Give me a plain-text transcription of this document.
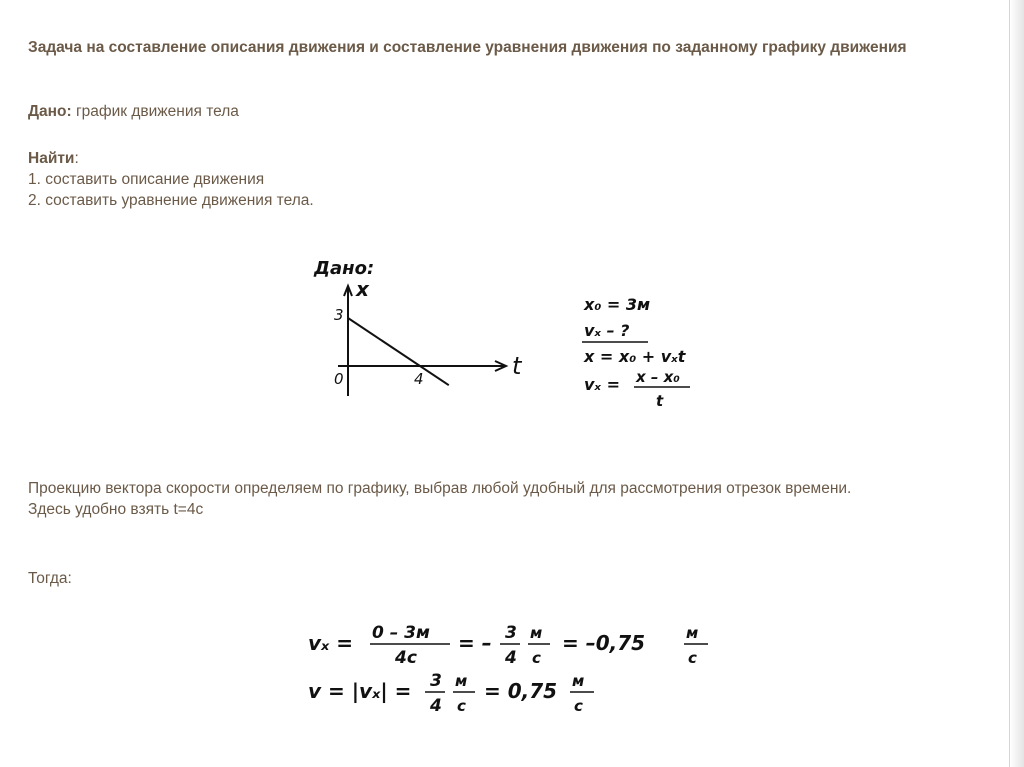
Задача на составление описания движения и составление уравнения движения по заданному графику движения
Дано: график движения тела
Найти:
1. составить описание движения
2. составить уравнение движения тела.
Дано:
x
t
3
0	4
x₀ = 3м
vₓ – ?
x = x₀ + vₓt
vₓ = x – x₀
t
Проекцию вектора скорости определяем по графику, выбрав любой удобный для рассмотрения отрезок времени.
Здесь удобно взять t=4c
Тогда:
vₓ = 0 – 3м
4с
= – 3
4
м
с
= –0,75	м
с
v = |vₓ| = 3
4
м
с
= 0,75 м
с
